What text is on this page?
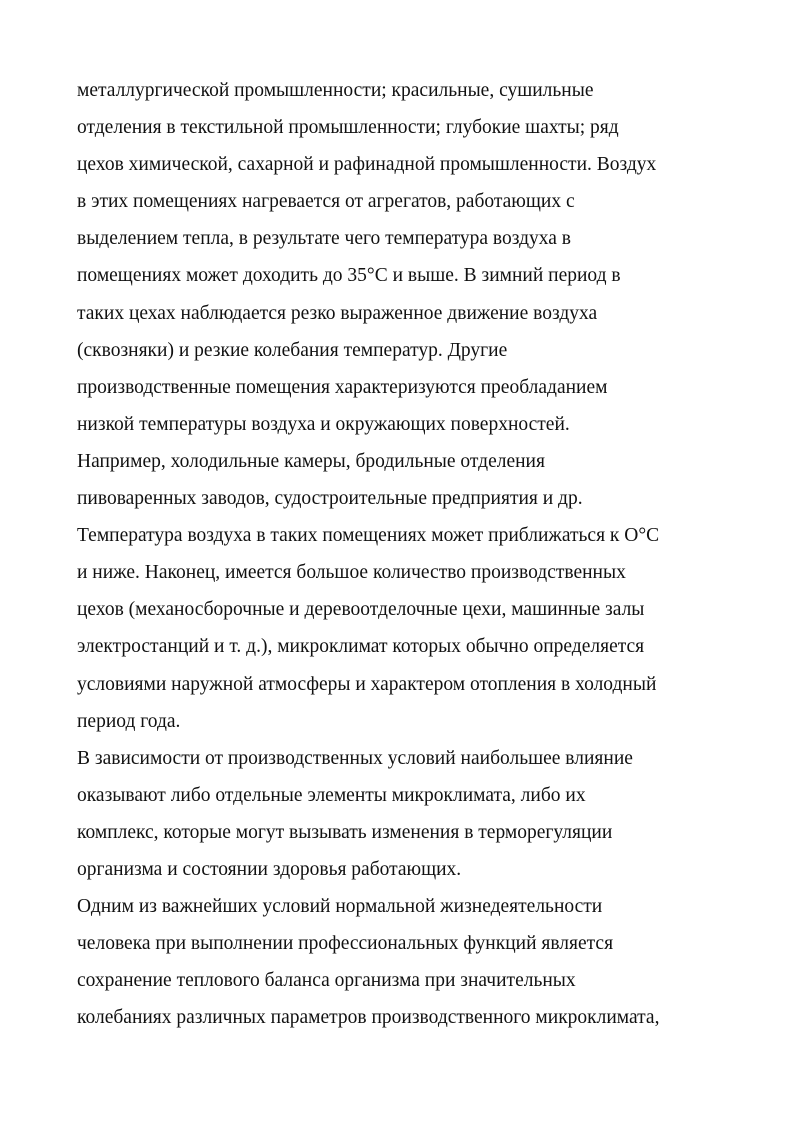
металлургической промышленности; красильные, сушильные
отделения в текстильной промышленности; глубокие шахты; ряд
цехов химической, сахарной и рафинадной промышленности. Воздух
в этих помещениях нагревается от агрегатов, работающих с
выделением тепла, в результате чего температура воздуха в
помещениях может доходить до 35°С и выше. В зимний период в
таких цехах наблюдается резко выраженное движение воздуха
(сквозняки) и резкие колебания температур. Другие
производственные помещения характеризуются преобладанием
низкой температуры воздуха и окружающих поверхностей.
Например, холодильные камеры, бродильные отделения
пивоваренных заводов, судостроительные предприятия и др.
Температура воздуха в таких помещениях может приближаться к О°С
и ниже. Наконец, имеется большое количество производственных
цехов (механосборочные и деревоотделочные цехи, машинные залы
электростанций и т. д.), микроклимат которых обычно определяется
условиями наружной атмосферы и характером отопления в холодный
период года.
В зависимости от производственных условий наибольшее влияние
оказывают либо отдельные элементы микроклимата, либо их
комплекс, которые могут вызывать изменения в терморегуляции
организма и состоянии здоровья работающих.
Одним из важнейших условий нормальной жизнедеятельности
человека при выполнении профессиональных функций является
сохранение теплового баланса организма при значительных
колебаниях различных параметров производственного микроклимата,
